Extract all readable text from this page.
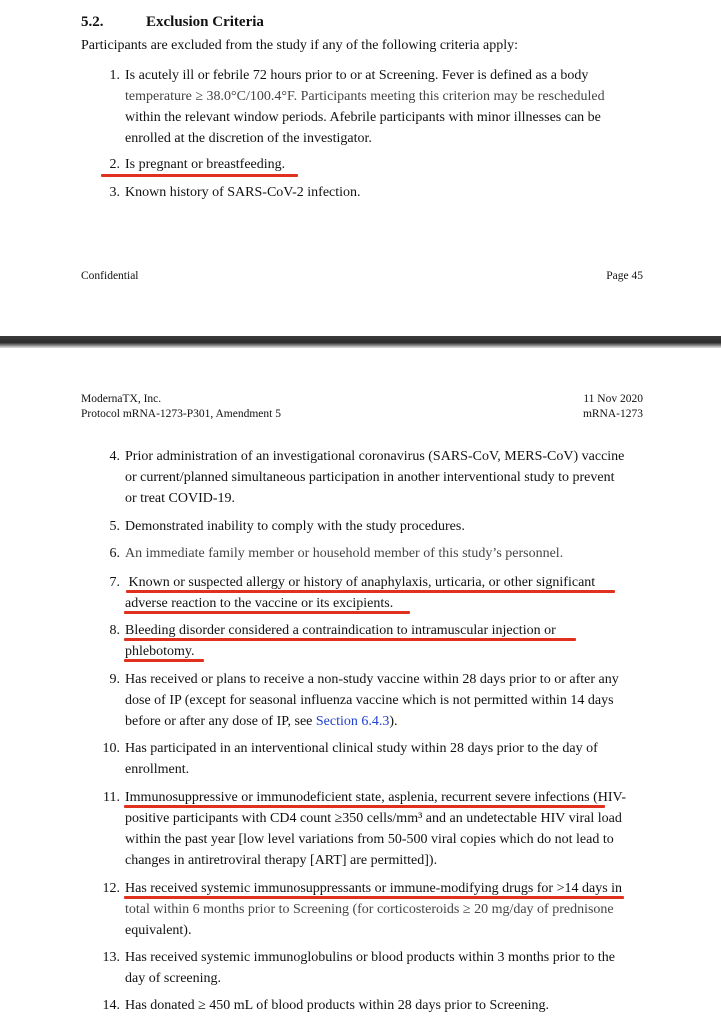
5.2.	Exclusion Criteria
Participants are excluded from the study if any of the following criteria apply:
1. Is acutely ill or febrile 72 hours prior to or at Screening. Fever is defined as a body
temperature ≥ 38.0°C/100.4°F. Participants meeting this criterion may be rescheduled
within the relevant window periods. Afebrile participants with minor illnesses can be
enrolled at the discretion of the investigator.
2. Is pregnant or breastfeeding.
3. Known history of SARS-CoV-2 infection.
Confidential	Page 45
ModernaTX, Inc.
Protocol mRNA-1273-P301, Amendment 5
11 Nov 2020
mRNA-1273
4. Prior administration of an investigational coronavirus (SARS-CoV, MERS-CoV) vaccine
or current/planned simultaneous participation in another interventional study to prevent
or treat COVID-19.
5. Demonstrated inability to comply with the study procedures.
6. An immediate family member or household member of this study’s personnel.
7. Known or suspected allergy or history of anaphylaxis, urticaria, or other significant
adverse reaction to the vaccine or its excipients.
8. Bleeding disorder considered a contraindication to intramuscular injection or
phlebotomy.
9. Has received or plans to receive a non-study vaccine within 28 days prior to or after any
dose of IP (except for seasonal influenza vaccine which is not permitted within 14 days
before or after any dose of IP, see Section 6.4.3).
10. Has participated in an interventional clinical study within 28 days prior to the day of
enrollment.
11. Immunosuppressive or immunodeficient state, asplenia, recurrent severe infections (HIV-
positive participants with CD4 count ≥350 cells/mm³ and an undetectable HIV viral load
within the past year [low level variations from 50-500 viral copies which do not lead to
changes in antiretroviral therapy [ART] are permitted]).
12. Has received systemic immunosuppressants or immune-modifying drugs for >14 days in
total within 6 months prior to Screening (for corticosteroids ≥ 20 mg/day of prednisone
equivalent).
13. Has received systemic immunoglobulins or blood products within 3 months prior to the
day of screening.
14. Has donated ≥ 450 mL of blood products within 28 days prior to Screening.
